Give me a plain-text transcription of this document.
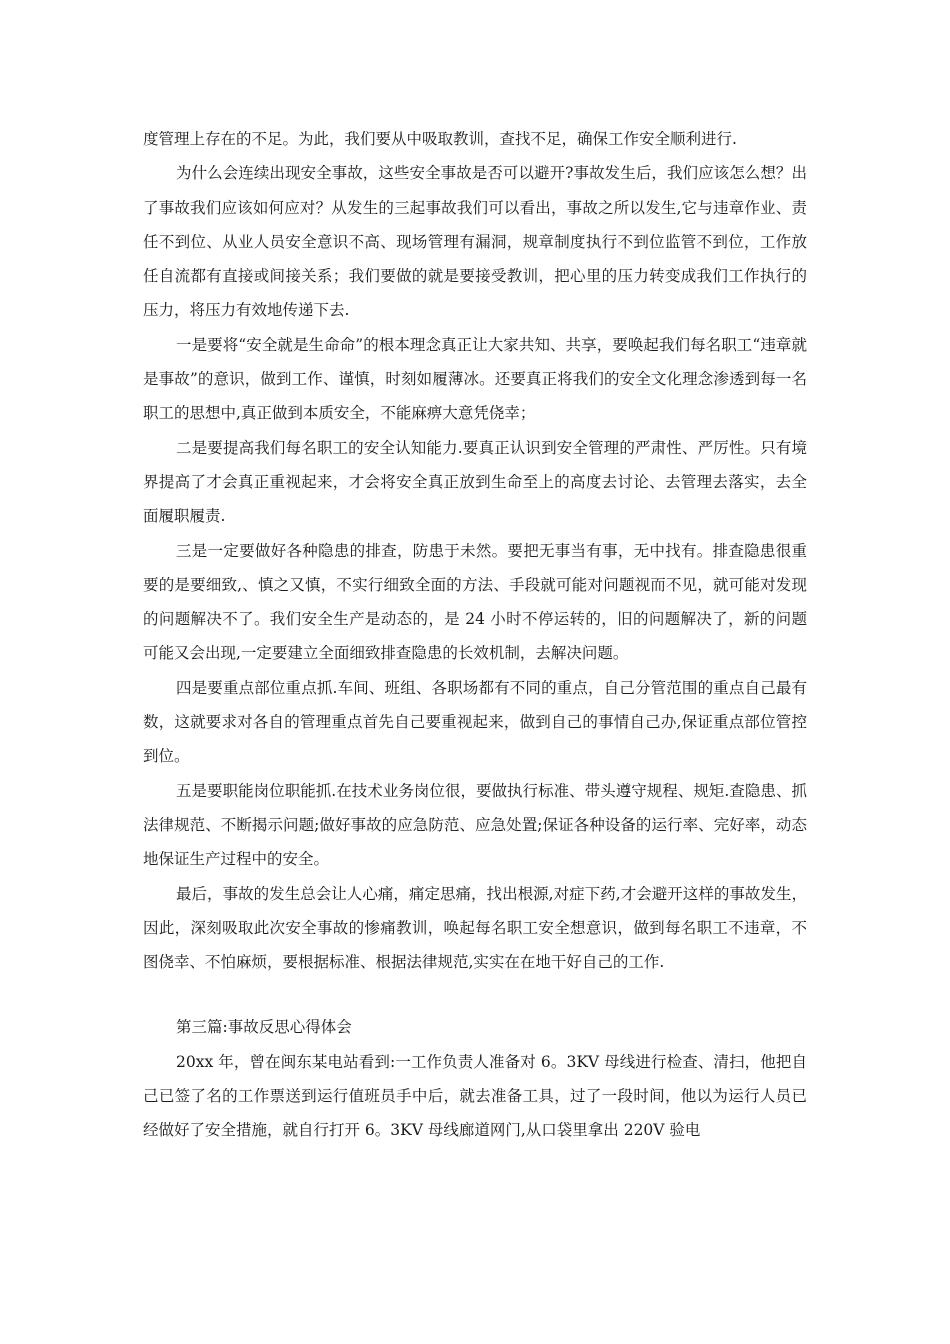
度管理上存在的不足。为此，我们要从中吸取教训，查找不足，确保工作安全顺利进行.

为什么会连续出现安全事故，这些安全事故是否可以避开?事故发生后，我们应该怎么想？出了事故我们应该如何应对？从发生的三起事故我们可以看出，事故之所以发生,它与违章作业、责任不到位、从业人员安全意识不高、现场管理有漏洞，规章制度执行不到位监管不到位，工作放任自流都有直接或间接关系；我们要做的就是要接受教训，把心里的压力转变成我们工作执行的压力，将压力有效地传递下去.

一是要将“安全就是生命命”的根本理念真正让大家共知、共享，要唤起我们每名职工“违章就是事故”的意识，做到工作、谨慎，时刻如履薄冰。还要真正将我们的安全文化理念渗透到每一名职工的思想中,真正做到本质安全，不能麻痹大意凭侥幸；

二是要提高我们每名职工的安全认知能力.要真正认识到安全管理的严肃性、严厉性。只有境界提高了才会真正重视起来，才会将安全真正放到生命至上的高度去讨论、去管理去落实，去全面履职履责.

三是一定要做好各种隐患的排查，防患于未然。要把无事当有事，无中找有。排查隐患很重要的是要细致,、慎之又慎，不实行细致全面的方法、手段就可能对问题视而不见，就可能对发现的问题解决不了。我们安全生产是动态的，是 24 小时不停运转的，旧的问题解决了，新的问题可能又会出现,一定要建立全面细致排查隐患的长效机制，去解决问题。

四是要重点部位重点抓.车间、班组、各职场都有不同的重点，自己分管范围的重点自己最有数，这就要求对各自的管理重点首先自己要重视起来，做到自己的事情自己办,保证重点部位管控到位。

五是要职能岗位职能抓.在技术业务岗位很，要做执行标准、带头遵守规程、规矩.查隐患、抓法律规范、不断揭示问题;做好事故的应急防范、应急处置;保证各种设备的运行率、完好率，动态地保证生产过程中的安全。

最后，事故的发生总会让人心痛，痛定思痛，找出根源,对症下药,才会避开这样的事故发生，因此，深刻吸取此次安全事故的惨痛教训，唤起每名职工安全想意识，做到每名职工不违章，不图侥幸、不怕麻烦，要根据标准、根据法律规范,实实在在地干好自己的工作.

第三篇:事故反思心得体会

20xx 年，曾在闽东某电站看到:一工作负责人准备对 6。3KV 母线进行检查、清扫，他把自己已签了名的工作票送到运行值班员手中后，就去准备工具，过了一段时间，他以为运行人员已经做好了安全措施，就自行打开 6。3KV 母线廊道网门,从口袋里拿出 220V 验电
